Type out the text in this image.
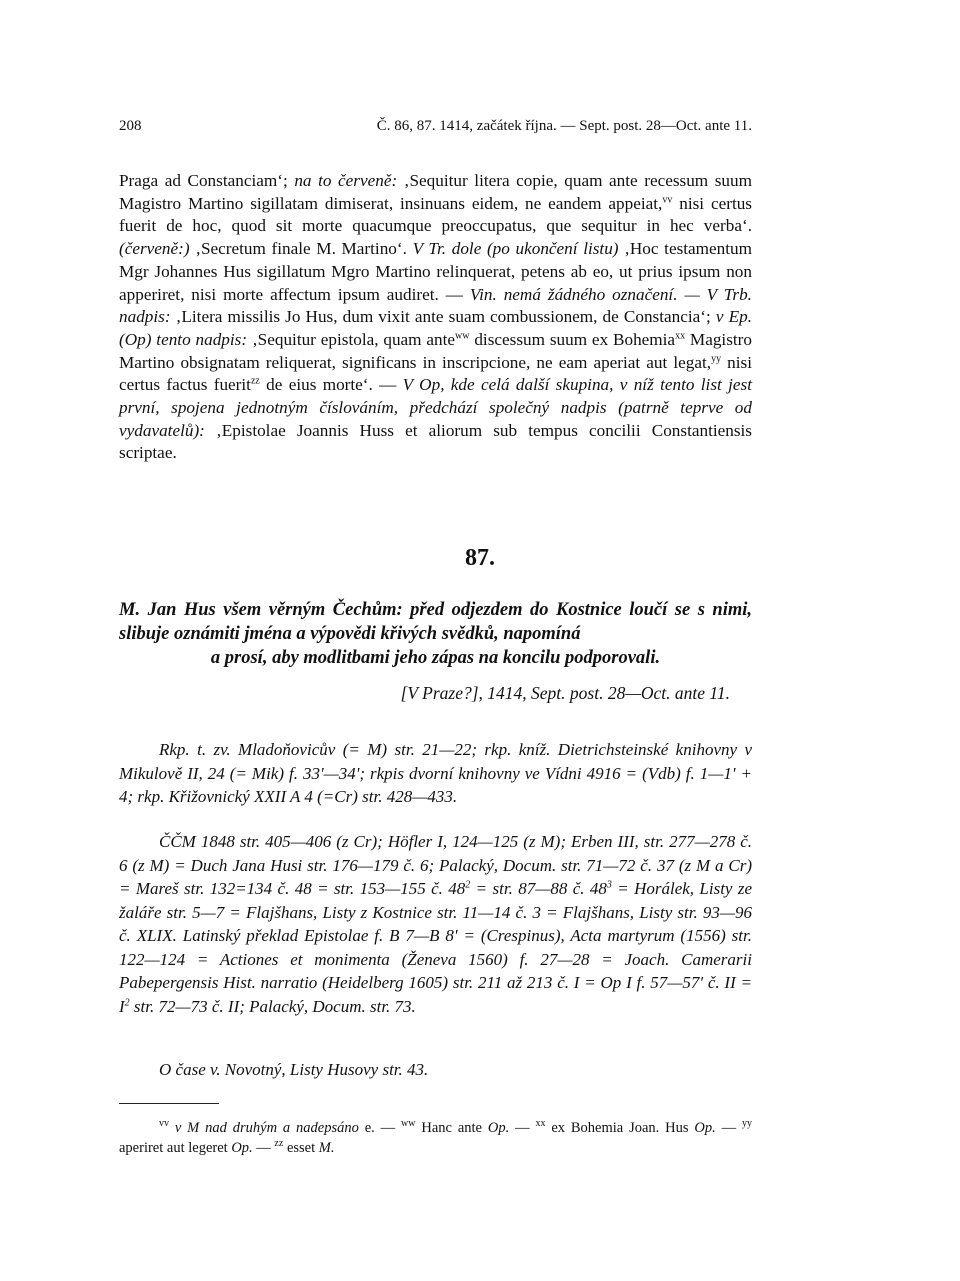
208	Č. 86, 87. 1414, začátek října. — Sept. post. 28—Oct. ante 11.

Praga ad Constanciam‘; na to červeně: ‚Sequitur litera copie, quam ante recessum suum Magistro Martino sigillatam dimiserat, insinuans eidem, ne eandem appeiat,$^{vv}$ nisi certus fuerit de hoc, quod sit morte quacumque preoccupatus, que sequitur in hec verba‘. (červeně:) ‚Secretum finale M. Martino‘. V Tr. dole (po ukončení listu) ‚Hoc testamentum Mgr Johannes Hus sigillatum Mgro Martino relinquerat, petens ab eo, ut prius ipsum non apperiret, nisi morte affectum ipsum audiret. — Vin. nemá žádného označení. — V Trb. nadpis: ‚Litera missilis Jo Hus, dum vixit ante suam combussionem, de Constancia‘; v Ep. (Op) tento nadpis: ‚Sequitur epistola, quam ante$^{ww}$ discessum suum ex Bohemia$^{xx}$ Magistro Martino obsignatam reliquerat, significans in inscripcione, ne eam aperiat aut legat,$^{yy}$ nisi certus factus fuerit$^{zz}$ de eius morte‘. — V Op, kde celá další skupina, v níž tento list jest první, spojena jednotným číslováním, předchází společný nadpis (patrně teprve od vydavatelů): ‚Epistolae Joannis Huss et aliorum sub tempus concilii Constantiensis scriptae.

87.

M. Jan Hus všem věrným Čechům: před odjezdem do Kostnice loučí se s nimi, slibuje oznámiti jména a výpovědi křivých svědků, napomíná
a prosí, aby modlitbami jeho zápas na koncilu podporovali.

[V Praze?], 1414, Sept. post. 28—Oct. ante 11.

Rkp. t. zv. Mladoňovicův (= M) str. 21—22; rkp. kníž. Dietrichsteinské knihovny v Mikulově II, 24 (= Mik) f. 33'—34'; rkpis dvorní knihovny ve Vídni 4916 = (Vdb) f. 1—1' + 4; rkp. Křižovnický XXII A 4 (=Cr) str. 428—433.

ČČM 1848 str. 405—406 (z Cr); Höfler I, 124—125 (z M); Erben III, str. 277—278 č. 6 (z M) = Duch Jana Husi str. 176—179 č. 6; Palacký, Docum. str. 71—72 č. 37 (z M a Cr) = Mareš str. 132=134 č. 48 = str. 153—155 č. $48^2$ = str. 87—88 č. $48^3$ = Horálek, Listy ze žaláře str. 5—7 = Flajšhans, Listy z Kostnice str. 11—14 č. 3 = Flajšhans, Listy str. 93—96 č. XLIX. Latinský překlad Epistolae f. B 7—B 8' = (Crespinus), Acta martyrum (1556) str. 122—124 = Actiones et monimenta (Ženeva 1560) f. 27—28 = Joach. Camerarii Pabepergensis Hist. narratio (Heidelberg 1605) str. 211 až 213 č. I = Op I f. 57—57' č. II = $I^2$ str. 72—73 č. II; Palacký, Docum. str. 73.

O čase v. Novotný, Listy Husovy str. 43.

$^{vv}$ v M nad druhým a nadepsáno e. — $^{ww}$ Hanc ante Op. — $^{xx}$ ex Bohemia Joan. Hus Op. — $^{yy}$ aperiret aut legeret Op. — $^{zz}$ esset M.
